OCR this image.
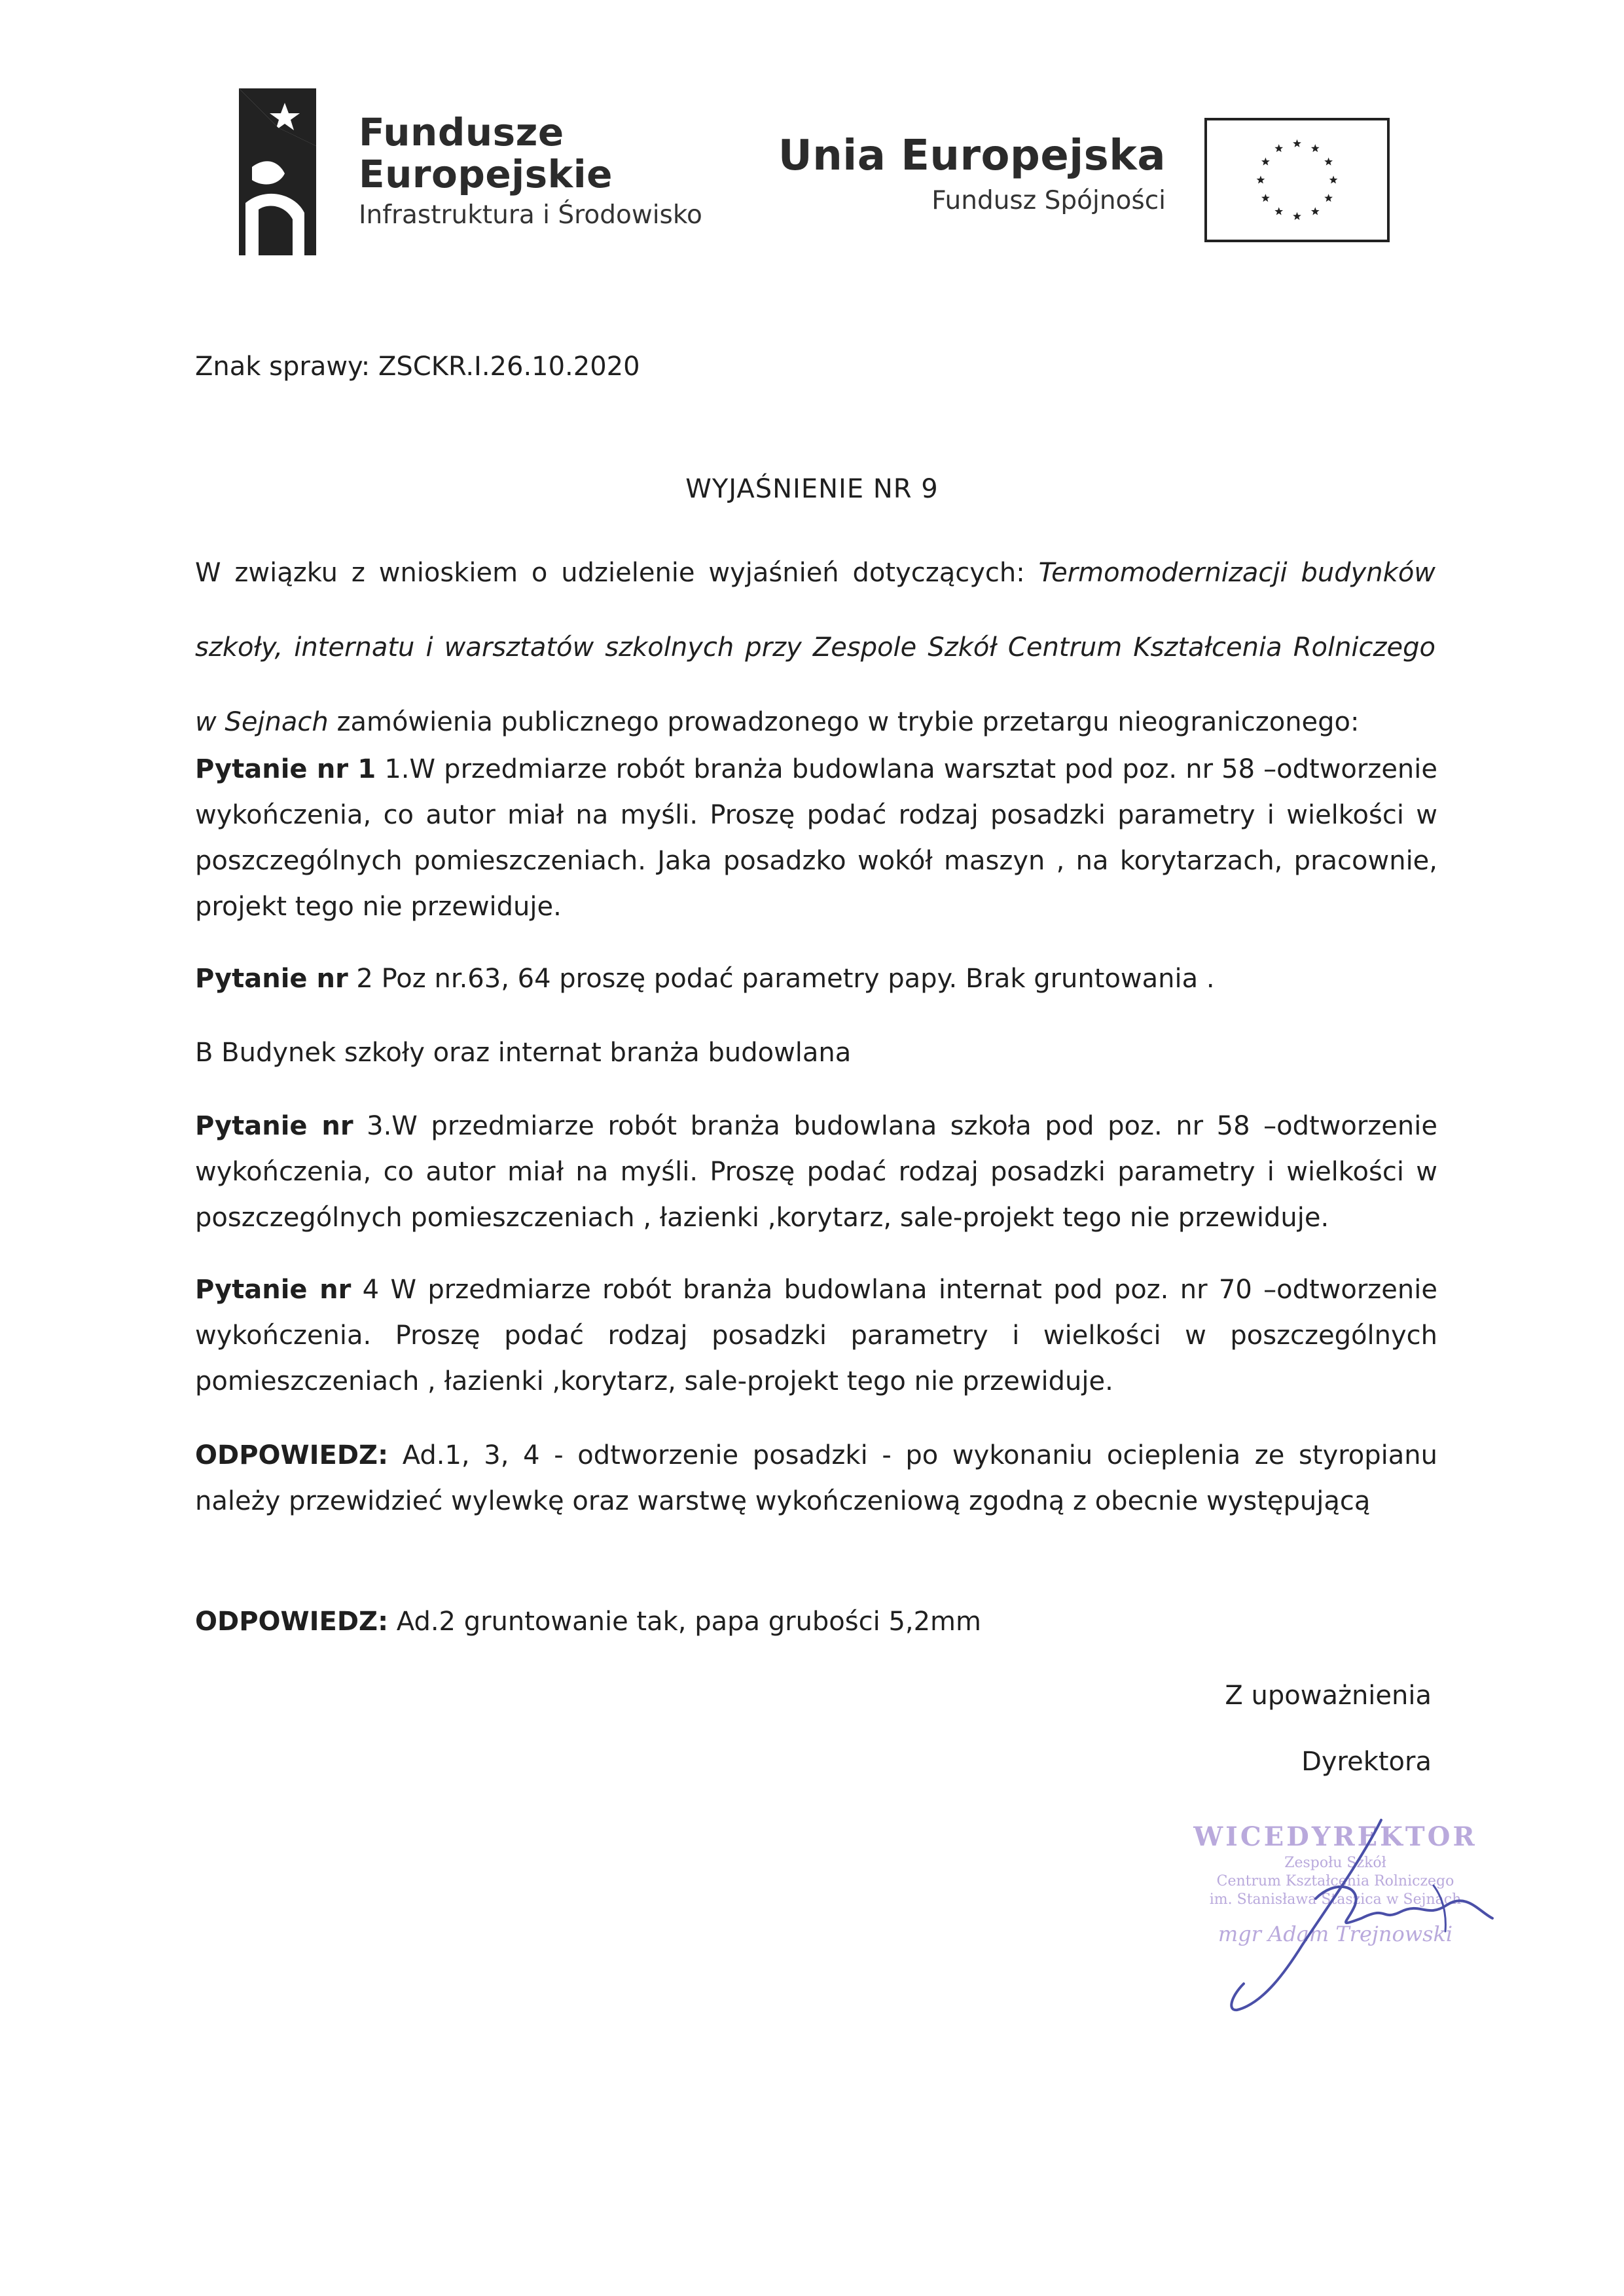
Fundusze
Europejskie
Infrastruktura i Środowisko
Unia Europejska
Fundusz Spójności
Znak sprawy: ZSCKR.I.26.10.2020
WYJAŚNIENIE NR 9
W związku z wnioskiem o udzielenie wyjaśnień dotyczących: Termomodernizacji budynków szkoły, internatu i warsztatów szkolnych przy Zespole Szkół Centrum Kształcenia Rolniczego w Sejnach zamówienia publicznego prowadzonego w trybie przetargu nieograniczonego:
Pytanie nr 1 1.W przedmiarze robót branża budowlana warsztat pod poz. nr 58 –odtworzenie wykończenia, co autor miał na myśli. Proszę podać rodzaj posadzki parametry i wielkości w poszczególnych pomieszczeniach. Jaka posadzko wokół maszyn , na korytarzach, pracownie, projekt tego nie przewiduje.
Pytanie nr 2 Poz nr.63, 64 proszę podać parametry papy. Brak gruntowania .
B Budynek szkoły oraz internat branża budowlana
Pytanie nr 3.W przedmiarze robót branża budowlana szkoła pod poz. nr 58 –odtworzenie wykończenia, co autor miał na myśli. Proszę podać rodzaj posadzki parametry i wielkości w poszczególnych pomieszczeniach , łazienki ,korytarz, sale-projekt tego nie przewiduje.
Pytanie nr 4 W przedmiarze robót branża budowlana internat pod poz. nr 70 –odtworzenie wykończenia. Proszę podać rodzaj posadzki parametry i wielkości w poszczególnych pomieszczeniach , łazienki ,korytarz, sale-projekt tego nie przewiduje.
ODPOWIEDZ: Ad.1, 3, 4 - odtworzenie posadzki - po wykonaniu ocieplenia ze styropianu należy przewidzieć wylewkę oraz warstwę wykończeniową zgodną z obecnie występującą
ODPOWIEDZ: Ad.2 gruntowanie tak, papa grubości 5,2mm
Z upoważnienia
Dyrektora
WICEDYREKTOR
Zespołu Szkół
Centrum Kształcenia Rolniczego
im. Stanisława Staszica w Sejnach
mgr Adam Trejnowski
